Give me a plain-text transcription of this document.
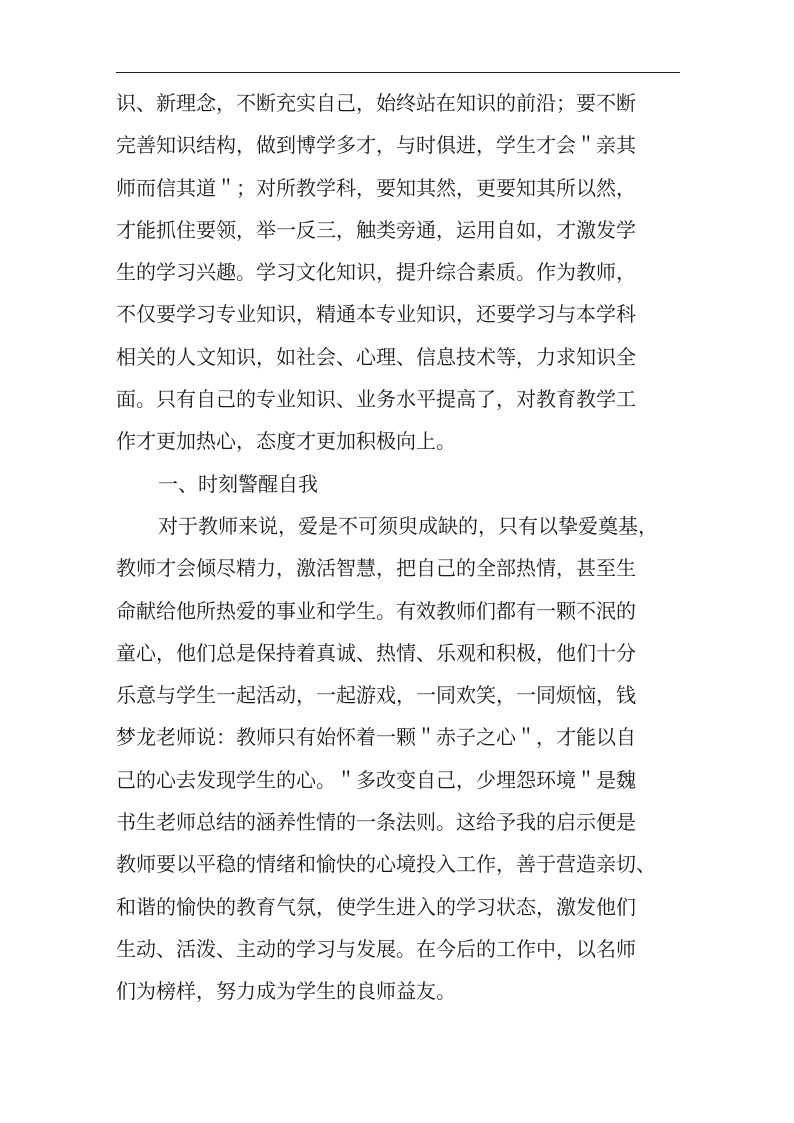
识、新理念，不断充实自己，始终站在知识的前沿；要不断
完善知识结构，做到博学多才，与时俱进，学生才会＂亲其
师而信其道＂；对所教学科，要知其然，更要知其所以然，
才能抓住要领，举一反三，触类旁通，运用自如，才激发学
生的学习兴趣。学习文化知识，提升综合素质。作为教师，
不仅要学习专业知识，精通本专业知识，还要学习与本学科
相关的人文知识，如社会、心理、信息技术等，力求知识全
面。只有自己的专业知识、业务水平提高了，对教育教学工
作才更加热心，态度才更加积极向上。
一、时刻警醒自我
对于教师来说，爱是不可须臾成缺的，只有以挚爱奠基，
教师才会倾尽精力，激活智慧，把自己的全部热情，甚至生
命献给他所热爱的事业和学生。有效教师们都有一颗不泯的
童心，他们总是保持着真诚、热情、乐观和积极，他们十分
乐意与学生一起活动，一起游戏，一同欢笑，一同烦恼，钱
梦龙老师说：教师只有始怀着一颗＂赤子之心＂，才能以自
己的心去发现学生的心。＂多改变自己，少埋怨环境＂是魏
书生老师总结的涵养性情的一条法则。这给予我的启示便是
教师要以平稳的情绪和愉快的心境投入工作，善于营造亲切、
和谐的愉快的教育气氛，使学生进入的学习状态，激发他们
生动、活泼、主动的学习与发展。在今后的工作中，以名师
们为榜样，努力成为学生的良师益友。
